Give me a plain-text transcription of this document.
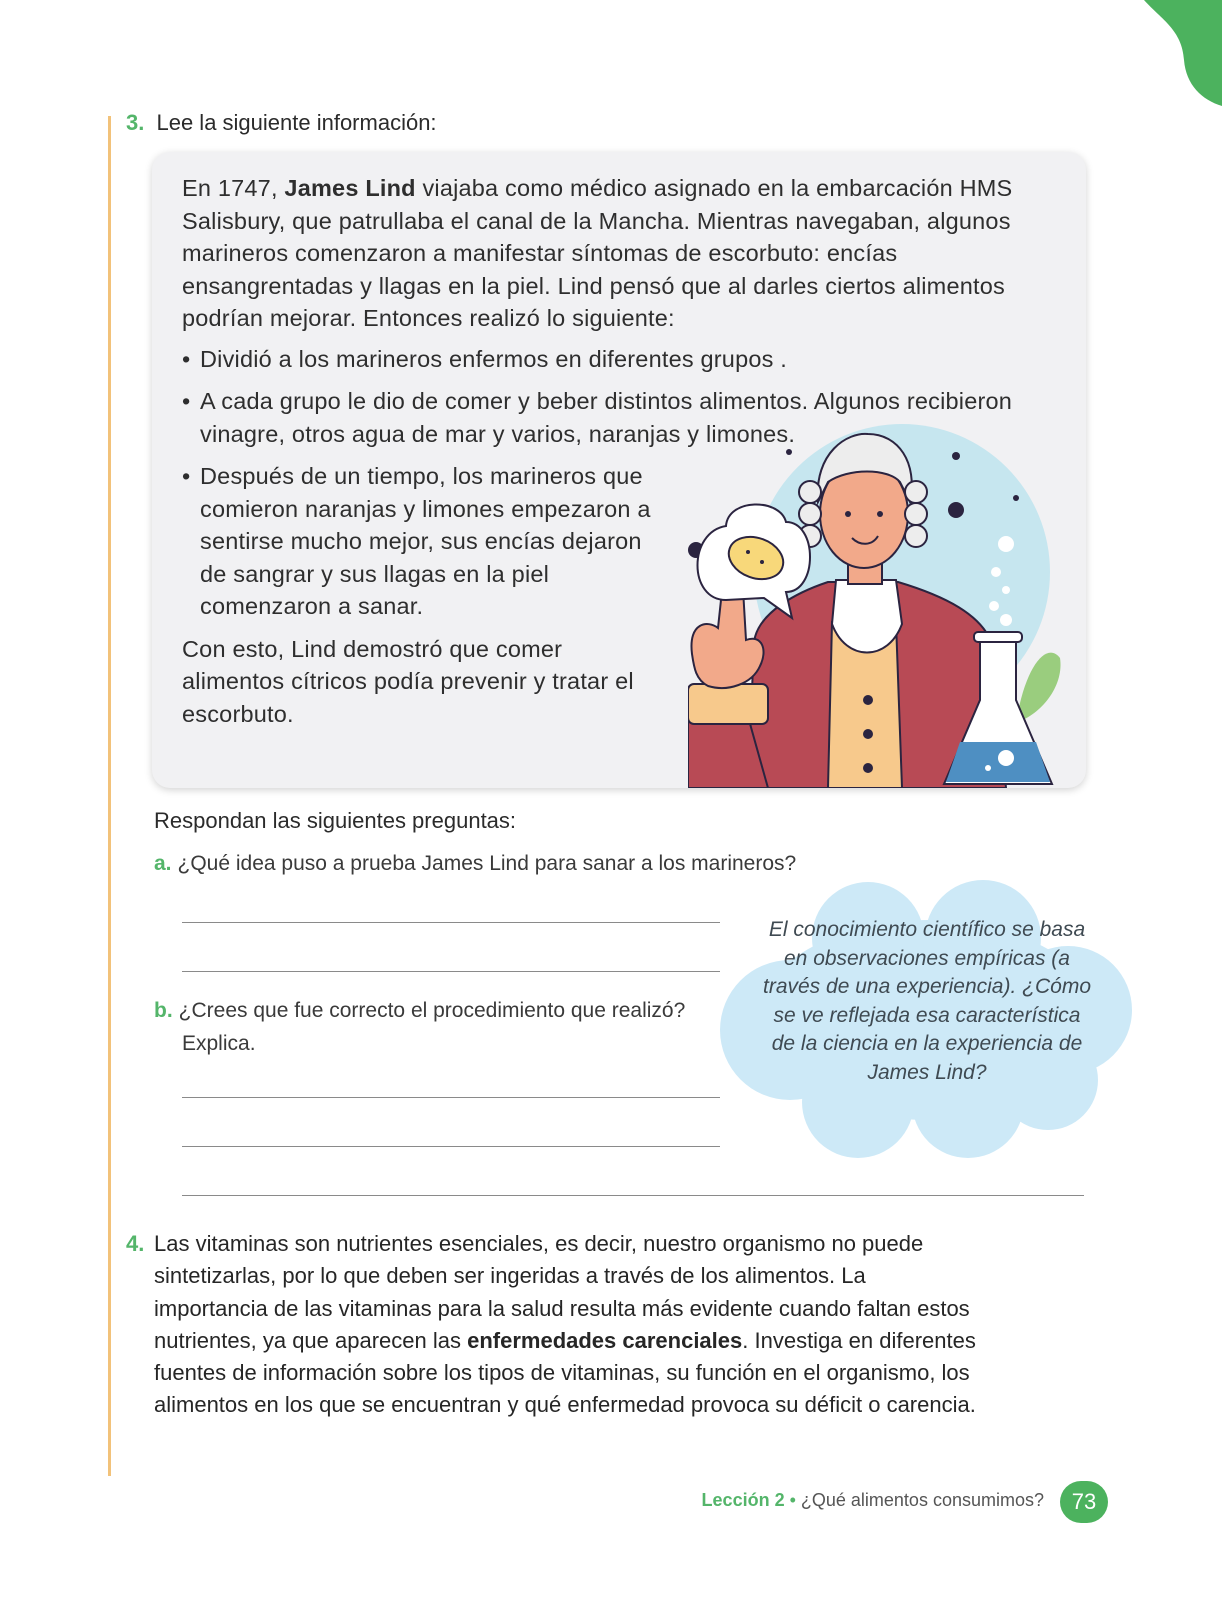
3. Lee la siguiente información:

En 1747, James Lind viajaba como médico asignado en la embarcación HMS Salisbury, que patrullaba el canal de la Mancha. Mientras navegaban, algunos marineros comenzaron a manifestar síntomas de escorbuto: encías ensangrentadas y llagas en la piel. Lind pensó que al darles ciertos alimentos podrían mejorar. Entonces realizó lo siguiente:

• Dividió a los marineros enfermos en diferentes grupos .
• A cada grupo le dio de comer y beber distintos alimentos. Algunos recibieron vinagre, otros agua de mar y varios, naranjas y limones.
• Después de un tiempo, los marineros que comieron naranjas y limones empezaron a sentirse mucho mejor, sus encías dejaron de sangrar y sus llagas en la piel comenzaron a sanar.

Con esto, Lind demostró que comer alimentos cítricos podía prevenir y tratar el escorbuto.

Respondan las siguientes preguntas:
a. ¿Qué idea puso a prueba James Lind para sanar a los marineros?
b. ¿Crees que fue correcto el procedimiento que realizó?
Explica.
El conocimiento científico se basa en observaciones empíricas (a través de una experiencia). ¿Cómo se ve reflejada esa característica de la ciencia en la experiencia de James Lind?
4. Las vitaminas son nutrientes esenciales, es decir, nuestro organismo no puede sintetizarlas, por lo que deben ser ingeridas a través de los alimentos. La importancia de las vitaminas para la salud resulta más evidente cuando faltan estos nutrientes, ya que aparecen las enfermedades carenciales. Investiga en diferentes fuentes de información sobre los tipos de vitaminas, su función en el organismo, los alimentos en los que se encuentran y qué enfermedad provoca su déficit o carencia.
Lección 2 • ¿Qué alimentos consumimos?	73
